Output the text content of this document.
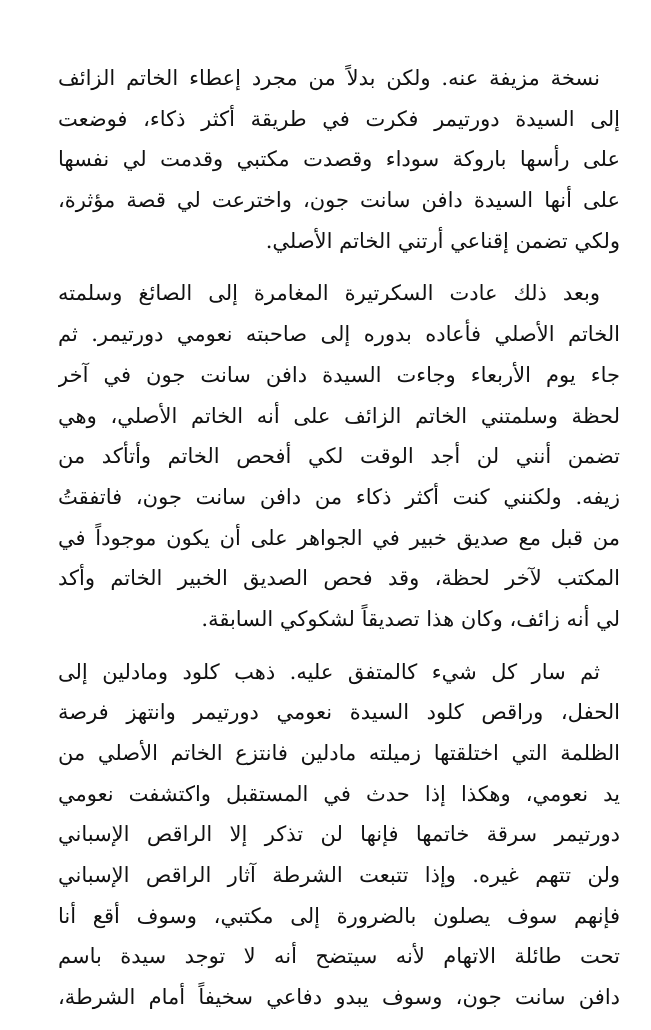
نسخة مزيفة عنه. ولكن بدلاً من مجرد إعطاء الخاتم الزائف
إلى السيدة دورتيمر فكرت في طريقة أكثر ذكاء، فوضعت
على رأسها باروكة سوداء وقصدت مكتبي وقدمت لي نفسها
على أنها السيدة دافن سانت جون، واخترعت لي قصة مؤثرة،
ولكي تضمن إقناعي أرتني الخاتم الأصلي.
وبعد ذلك عادت السكرتيرة المغامرة إلى الصائغ وسلمته
الخاتم الأصلي فأعاده بدوره إلى صاحبته نعومي دورتيمر. ثم
جاء يوم الأربعاء وجاءت السيدة دافن سانت جون في آخر
لحظة وسلمتني الخاتم الزائف على أنه الخاتم الأصلي، وهي
تضمن أنني لن أجد الوقت لكي أفحص الخاتم وأتأكد من
زيفه. ولكنني كنت أكثر ذكاء من دافن سانت جون، فاتفقتُ
من قبل مع صديق خبير في الجواهر على أن يكون موجوداً في
المكتب لآخر لحظة، وقد فحص الصديق الخبير الخاتم وأكد
لي أنه زائف، وكان هذا تصديقاً لشكوكي السابقة.
ثم سار كل شيء كالمتفق عليه. ذهب كلود ومادلين إلى
الحفل، وراقص كلود السيدة نعومي دورتيمر وانتهز فرصة
الظلمة التي اختلقتها زميلته مادلين فانتزع الخاتم الأصلي من
يد نعومي، وهكذا إذا حدث في المستقبل واكتشفت نعومي
دورتيمر سرقة خاتمها فإنها لن تذكر إلا الراقص الإسباني
ولن تتهم غيره. وإذا تتبعت الشرطة آثار الراقص الإسباني
فإنهم سوف يصلون بالضرورة إلى مكتبي، وسوف أقع أنا
تحت طائلة الاتهام لأنه سيتضح أنه لا توجد سيدة باسم
دافن سانت جون، وسوف يبدو دفاعي سخيفاً أمام الشرطة،
